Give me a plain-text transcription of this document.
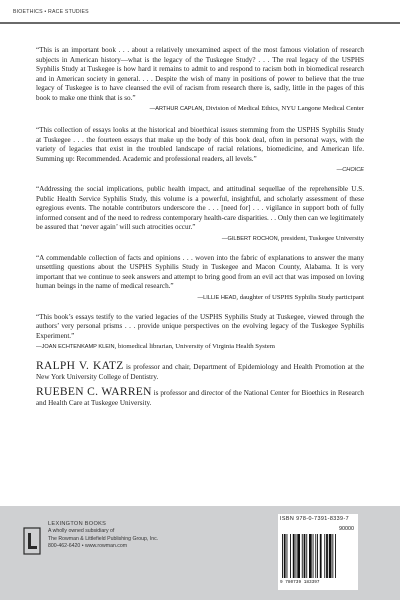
BIOETHICS • RACE STUDIES

“This is an important book . . . about a relatively unexamined aspect of the most famous violation of research subjects in American history—what is the legacy of the Tuskegee Study? . . . The real legacy of the USPHS Syphilis Study at Tuskegee is how hard it remains to admit to and respond to racism both in biomedical research and in American society in general. . . . Despite the wish of many in positions of power to believe that the true legacy of Tuskegee is to have cleansed the evil of racism from research there is, sadly, little in the pages of this book to make one think that is so.”

—ARTHUR CAPLAN, Division of Medical Ethics, NYU Langone Medical Center

“This collection of essays looks at the historical and bioethical issues stemming from the USPHS Syphilis Study at Tuskegee . . . the fourteen essays that make up the body of this book deal, often in personal ways, with the variety of legacies that exist in the troubled landscape of racial relations, biomedicine, and American life. Summing up: Recommended. Academic and professional readers, all levels.”

—CHOICE

“Addressing the social implications, public health impact, and attitudinal sequellae of the reprehensible U.S. Public Health Service Syphilis Study, this volume is a powerful, insightful, and scholarly assessment of these egregious events. The notable contributors underscore the . . . [need for] . . . vigilance in support both of fully informed consent and of the need to redress contemporary health-care disparities. . . Only then can we legitimately be assured that ‘never again’ will such atrocities occur.”

—GILBERT ROCHON, president, Tuskegee University

“A commendable collection of facts and opinions . . . woven into the fabric of explanations to answer the many unsettling questions about the USPHS Syphilis Study in Tuskegee and Macon County, Alabama. It is very important that we continue to seek answers and attempt to bring good from an evil act that was imposed on loving human beings in the name of medical research.”

—LILLIE HEAD, daughter of USPHS Syphilis Study participant

“This book’s essays testify to the varied legacies of the USPHS Syphilis Study at Tuskegee, viewed through the authors’ very personal prisms . . . provide unique perspectives on the evolving legacy of the Tuskegee Syphilis Experiment.”

—JOAN ECHTENKAMP KLEIN, biomedical librarian, University of Virginia Health System

RALPH V. KATZ is professor and chair, Department of Epidemiology and Health Promotion at the New York University College of Dentistry.

RUEBEN C. WARREN is professor and director of the National Center for Bioethics in Research and Health Care at Tuskegee University.

LEXINGTON BOOKS
A wholly owned subsidiary of
The Rowman & Littlefield Publishing Group, Inc.
800-462-6420 • www.rowman.com
ISBN 978-0-7391-8339-7
90000
9 780739 183397
